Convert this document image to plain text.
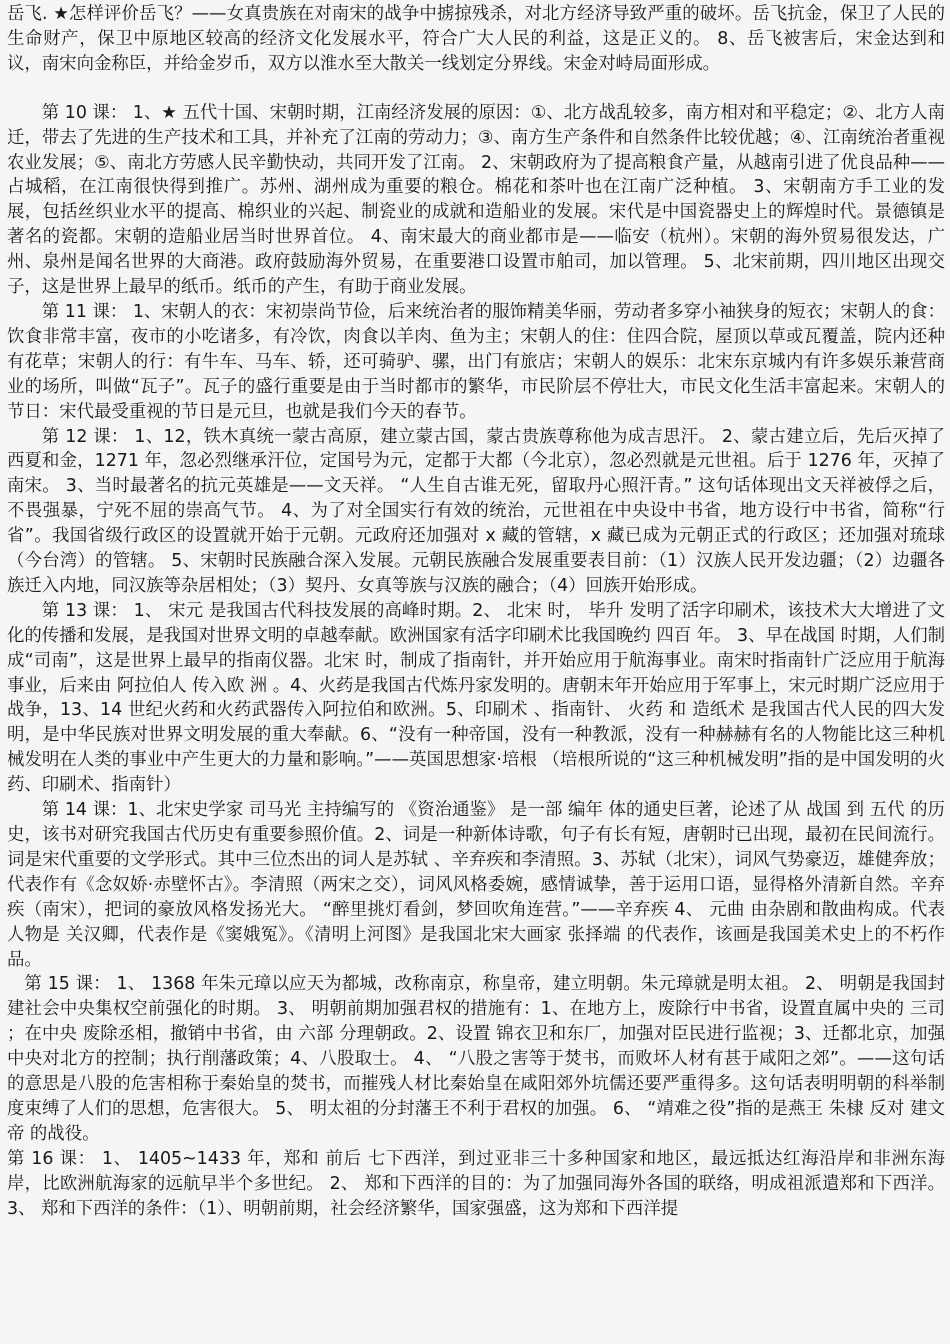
岳飞. ★怎样评价岳飞？——女真贵族在对南宋的战争中掳掠残杀，对北方经济导致严重的破坏。岳飞抗金，保卫了人民的生命财产，保卫中原地区较高的经济文化发展水平，符合广大人民的利益，这是正义的。 8、岳飞被害后，宋金达到和议，南宋向金称臣，并给金岁币，双方以淮水至大散关一线划定分界线。宋金对峙局面形成。

第 10 课： 1、★ 五代十国、宋朝时期，江南经济发展的原因：①、北方战乱较多，南方相对和平稳定；②、北方人南迁，带去了先进的生产技术和工具，并补充了江南的劳动力；③、南方生产条件和自然条件比较优越；④、江南统治者重视农业发展；⑤、南北方劳感人民辛勤快动，共同开发了江南。 2、宋朝政府为了提高粮食产量，从越南引进了优良品种——占城稻，在江南很快得到推广。苏州、湖州成为重要的粮仓。棉花和茶叶也在江南广泛种植。 3、宋朝南方手工业的发展，包括丝织业水平的提高、棉织业的兴起、制瓷业的成就和造船业的发展。宋代是中国瓷器史上的辉煌时代。景德镇是著名的瓷都。宋朝的造船业居当时世界首位。 4、南宋最大的商业都市是——临安（杭州）。宋朝的海外贸易很发达，广州、泉州是闻名世界的大商港。政府鼓励海外贸易，在重要港口设置市舶司，加以管理。 5、北宋前期，四川地区出现交子，这是世界上最早的纸币。纸币的产生，有助于商业发展。

第 11 课： 1、宋朝人的衣：宋初崇尚节俭，后来统治者的服饰精美华丽，劳动者多穿小袖狭身的短衣；宋朝人的食：饮食非常丰富，夜市的小吃诸多，有冷饮，肉食以羊肉、鱼为主；宋朝人的住：住四合院，屋顶以草或瓦覆盖，院内还种有花草；宋朝人的行：有牛车、马车、轿，还可骑驴、骡，出门有旅店；宋朝人的娱乐：北宋东京城内有许多娱乐兼营商业的场所，叫做“瓦子”。瓦子的盛行重要是由于当时都市的繁华，市民阶层不停壮大，市民文化生活丰富起来。宋朝人的节日：宋代最受重视的节日是元旦，也就是我们今天的春节。

第 12 课： 1、12，铁木真统一蒙古高原，建立蒙古国，蒙古贵族尊称他为成吉思汗。 2、蒙古建立后，先后灭掉了西夏和金，1271 年，忽必烈继承汗位，定国号为元，定都于大都（今北京），忽必烈就是元世祖。后于 1276 年，灭掉了南宋。 3、当时最著名的抗元英雄是——文天祥。 “人生自古谁无死，留取丹心照汗青。” 这句话体现出文天祥被俘之后，不畏强暴，宁死不屈的崇高气节。 4、为了对全国实行有效的统治，元世祖在中央设中书省，地方设行中书省，简称“行省”。我国省级行政区的设置就开始于元朝。元政府还加强对 x 藏的管辖，x 藏已成为元朝正式的行政区；还加强对琉球（今台湾）的管辖。 5、宋朝时民族融合深入发展。元朝民族融合发展重要表目前：（1）汉族人民开发边疆；（2）边疆各族迁入内地，同汉族等杂居相处；（3）契丹、女真等族与汉族的融合；（4）回族开始形成。

第 13 课： 1、 宋元 是我国古代科技发展的高峰时期。2、 北宋 时， 毕升 发明了活字印刷术，该技术大大增进了文化的传播和发展，是我国对世界文明的卓越奉献。欧洲国家有活字印刷术比我国晚约 四百 年。 3、早在战国 时期，人们制成“司南”，这是世界上最早的指南仪器。北宋 时，制成了指南针，并开始应用于航海事业。南宋时指南针广泛应用于航海事业，后来由 阿拉伯人 传入欧 洲 。4、火药是我国古代炼丹家发明的。唐朝末年开始应用于军事上，宋元时期广泛应用于战争，13、14 世纪火药和火药武器传入阿拉伯和欧洲。5、印刷术 、指南针、 火药 和 造纸术 是我国古代人民的四大发明，是中华民族对世界文明发展的重大奉献。6、“没有一种帝国，没有一种教派，没有一种赫赫有名的人物能比这三种机械发明在人类的事业中产生更大的力量和影响。”——英国思想家·培根 （培根所说的“这三种机械发明”指的是中国发明的火药、印刷术、指南针）

第 14 课：1、北宋史学家 司马光 主持编写的 《资治通鉴》 是一部 编年 体的通史巨著，论述了从 战国 到 五代 的历史，该书对研究我国古代历史有重要参照价值。2、词是一种新体诗歌，句子有长有短，唐朝时已出现，最初在民间流行。 词是宋代重要的文学形式。其中三位杰出的词人是苏轼 、辛弃疾和李清照。3、苏轼（北宋），词风气势豪迈，雄健奔放；代表作有《念奴娇·赤壁怀古》。李清照（两宋之交），词风风格委婉，感情诚挚，善于运用口语，显得格外清新自然。辛弃疾（南宋），把词的豪放风格发扬光大。 “醉里挑灯看剑，梦回吹角连营。”——辛弃疾 4、 元曲 由杂剧和散曲构成。代表人物是 关汉卿，代表作是《窦娥冤》。《清明上河图》是我国北宋大画家 张择端 的代表作，该画是我国美术史上的不朽作品。

第 15 课： 1、 1368 年朱元璋以应天为都城，改称南京，称皇帝，建立明朝。朱元璋就是明太祖。 2、 明朝是我国封建社会中央集权空前强化的时期。 3、 明朝前期加强君权的措施有：1、在地方上，废除行中书省，设置直属中央的 三司 ；在中央 废除丞相，撤销中书省，由 六部 分理朝政。2、设置 锦衣卫和东厂，加强对臣民进行监视；3、迁都北京，加强中央对北方的控制；执行削藩政策；4、八股取士。 4、 “八股之害等于焚书，而败坏人材有甚于咸阳之郊”。——这句话的意思是八股的危害相称于秦始皇的焚书，而摧残人材比秦始皇在咸阳郊外坑儒还要严重得多。这句话表明明朝的科举制度束缚了人们的思想，危害很大。 5、 明太祖的分封藩王不利于君权的加强。 6、 “靖难之役”指的是燕王 朱棣 反对 建文帝 的战役。

第 16 课： 1、 1405~1433 年，郑和 前后 七下西洋，到过亚非三十多种国家和地区，最远抵达红海沿岸和非洲东海岸，比欧洲航海家的远航早半个多世纪。 2、 郑和下西洋的目的：为了加强同海外各国的联络，明成祖派遣郑和下西洋。 3、 郑和下西洋的条件：（1）、明朝前期，社会经济繁华，国家强盛，这为郑和下西洋提
